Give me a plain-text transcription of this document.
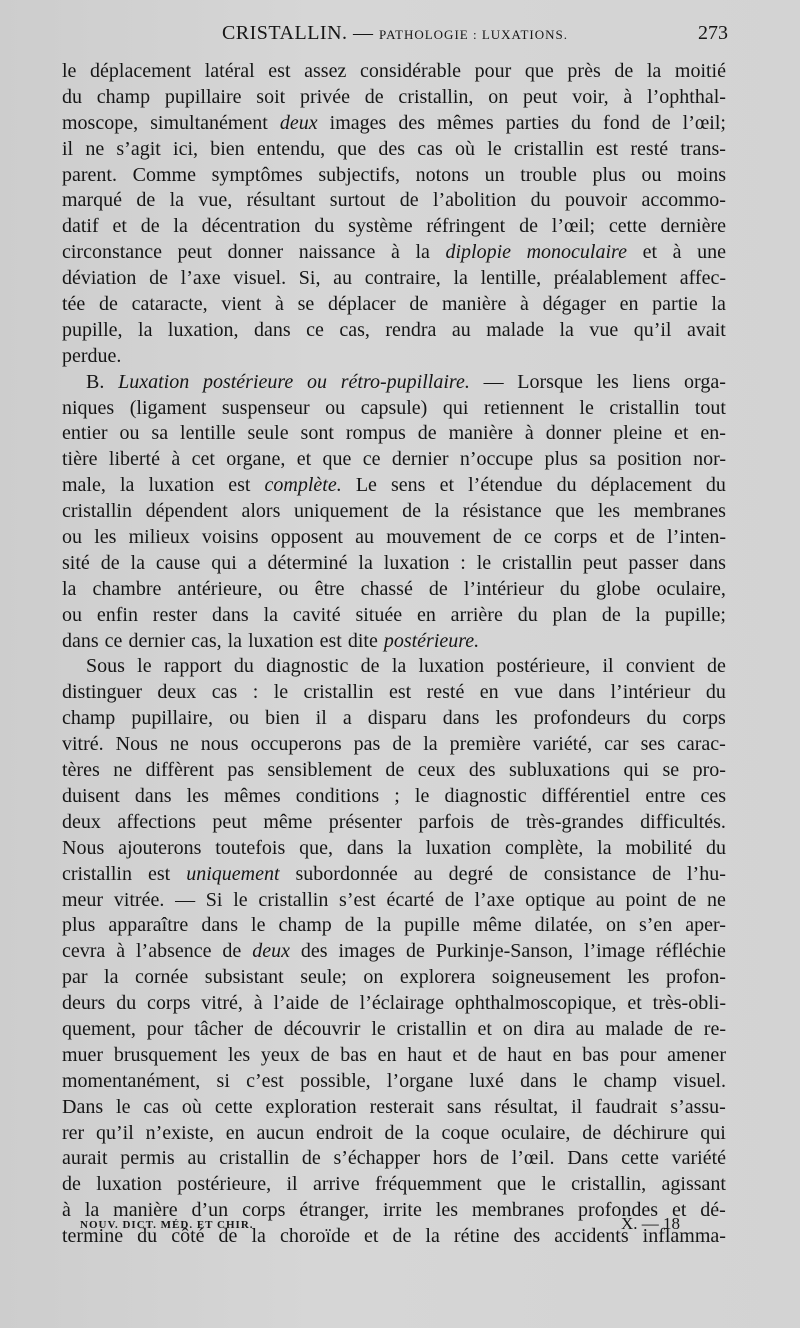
CRISTALLIN. — PATHOLOGIE : LUXATIONS.	273
le déplacement latéral est assez considérable pour que près de la moitié
du champ pupillaire soit privée de cristallin, on peut voir, à l’ophthal-
moscope, simultanément deux images des mêmes parties du fond de l’œil;
il ne s’agit ici, bien entendu, que des cas où le cristallin est resté trans-
parent. Comme symptômes subjectifs, notons un trouble plus ou moins
marqué de la vue, résultant surtout de l’abolition du pouvoir accommo-
datif et de la décentration du système réfringent de l’œil; cette dernière
circonstance peut donner naissance à la diplopie monoculaire et à une
déviation de l’axe visuel. Si, au contraire, la lentille, préalablement affec-
tée de cataracte, vient à se déplacer de manière à dégager en partie la
pupille, la luxation, dans ce cas, rendra au malade la vue qu’il avait
perdue.
B. Luxation postérieure ou rétro-pupillaire. — Lorsque les liens orga-
niques (ligament suspenseur ou capsule) qui retiennent le cristallin tout
entier ou sa lentille seule sont rompus de manière à donner pleine et en-
tière liberté à cet organe, et que ce dernier n’occupe plus sa position nor-
male, la luxation est complète. Le sens et l’étendue du déplacement du
cristallin dépendent alors uniquement de la résistance que les membranes
ou les milieux voisins opposent au mouvement de ce corps et de l’inten-
sité de la cause qui a déterminé la luxation : le cristallin peut passer dans
la chambre antérieure, ou être chassé de l’intérieur du globe oculaire,
ou enfin rester dans la cavité située en arrière du plan de la pupille;
dans ce dernier cas, la luxation est dite postérieure.
Sous le rapport du diagnostic de la luxation postérieure, il convient de
distinguer deux cas : le cristallin est resté en vue dans l’intérieur du
champ pupillaire, ou bien il a disparu dans les profondeurs du corps
vitré. Nous ne nous occuperons pas de la première variété, car ses carac-
tères ne diffèrent pas sensiblement de ceux des subluxations qui se pro-
duisent dans les mêmes conditions ; le diagnostic différentiel entre ces
deux affections peut même présenter parfois de très-grandes difficultés.
Nous ajouterons toutefois que, dans la luxation complète, la mobilité du
cristallin est uniquement subordonnée au degré de consistance de l’hu-
meur vitrée. — Si le cristallin s’est écarté de l’axe optique au point de ne
plus apparaître dans le champ de la pupille même dilatée, on s’en aper-
cevra à l’absence de deux des images de Purkinje-Sanson, l’image réfléchie
par la cornée subsistant seule; on explorera soigneusement les profon-
deurs du corps vitré, à l’aide de l’éclairage ophthalmoscopique, et très-obli-
quement, pour tâcher de découvrir le cristallin et on dira au malade de re-
muer brusquement les yeux de bas en haut et de haut en bas pour amener
momentanément, si c’est possible, l’organe luxé dans le champ visuel.
Dans le cas où cette exploration resterait sans résultat, il faudrait s’assu-
rer qu’il n’existe, en aucun endroit de la coque oculaire, de déchirure qui
aurait permis au cristallin de s’échapper hors de l’œil. Dans cette variété
de luxation postérieure, il arrive fréquemment que le cristallin, agissant
à la manière d’un corps étranger, irrite les membranes profondes et dé-
termine du côté de la choroïde et de la rétine des accidents inflamma-
NOUV. DICT. MÉD. ET CHIR.	X. — 18
